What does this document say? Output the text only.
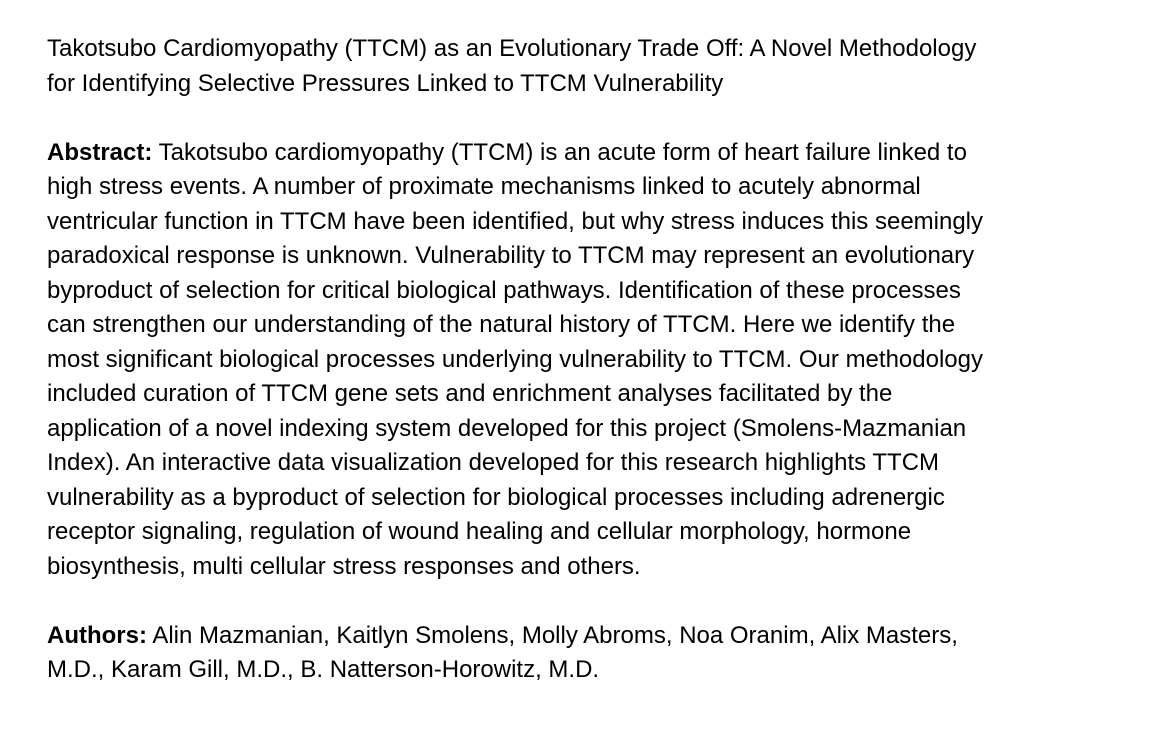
Takotsubo Cardiomyopathy (TTCM) as an Evolutionary Trade Off: A Novel Methodology
for Identifying Selective Pressures Linked to TTCM Vulnerability

Abstract: Takotsubo cardiomyopathy (TTCM) is an acute form of heart failure linked to
high stress events. A number of proximate mechanisms linked to acutely abnormal
ventricular function in TTCM have been identified, but why stress induces this seemingly
paradoxical response is unknown. Vulnerability to TTCM may represent an evolutionary
byproduct of selection for critical biological pathways. Identification of these processes
can strengthen our understanding of the natural history of TTCM. Here we identify the
most significant biological processes underlying vulnerability to TTCM. Our methodology
included curation of TTCM gene sets and enrichment analyses facilitated by the
application of a novel indexing system developed for this project (Smolens-Mazmanian
Index). An interactive data visualization developed for this research highlights TTCM
vulnerability as a byproduct of selection for biological processes including adrenergic
receptor signaling, regulation of wound healing and cellular morphology, hormone
biosynthesis, multi cellular stress responses and others.

Authors: Alin Mazmanian, Kaitlyn Smolens, Molly Abroms, Noa Oranim, Alix Masters,
M.D., Karam Gill, M.D., B. Natterson-Horowitz, M.D.
